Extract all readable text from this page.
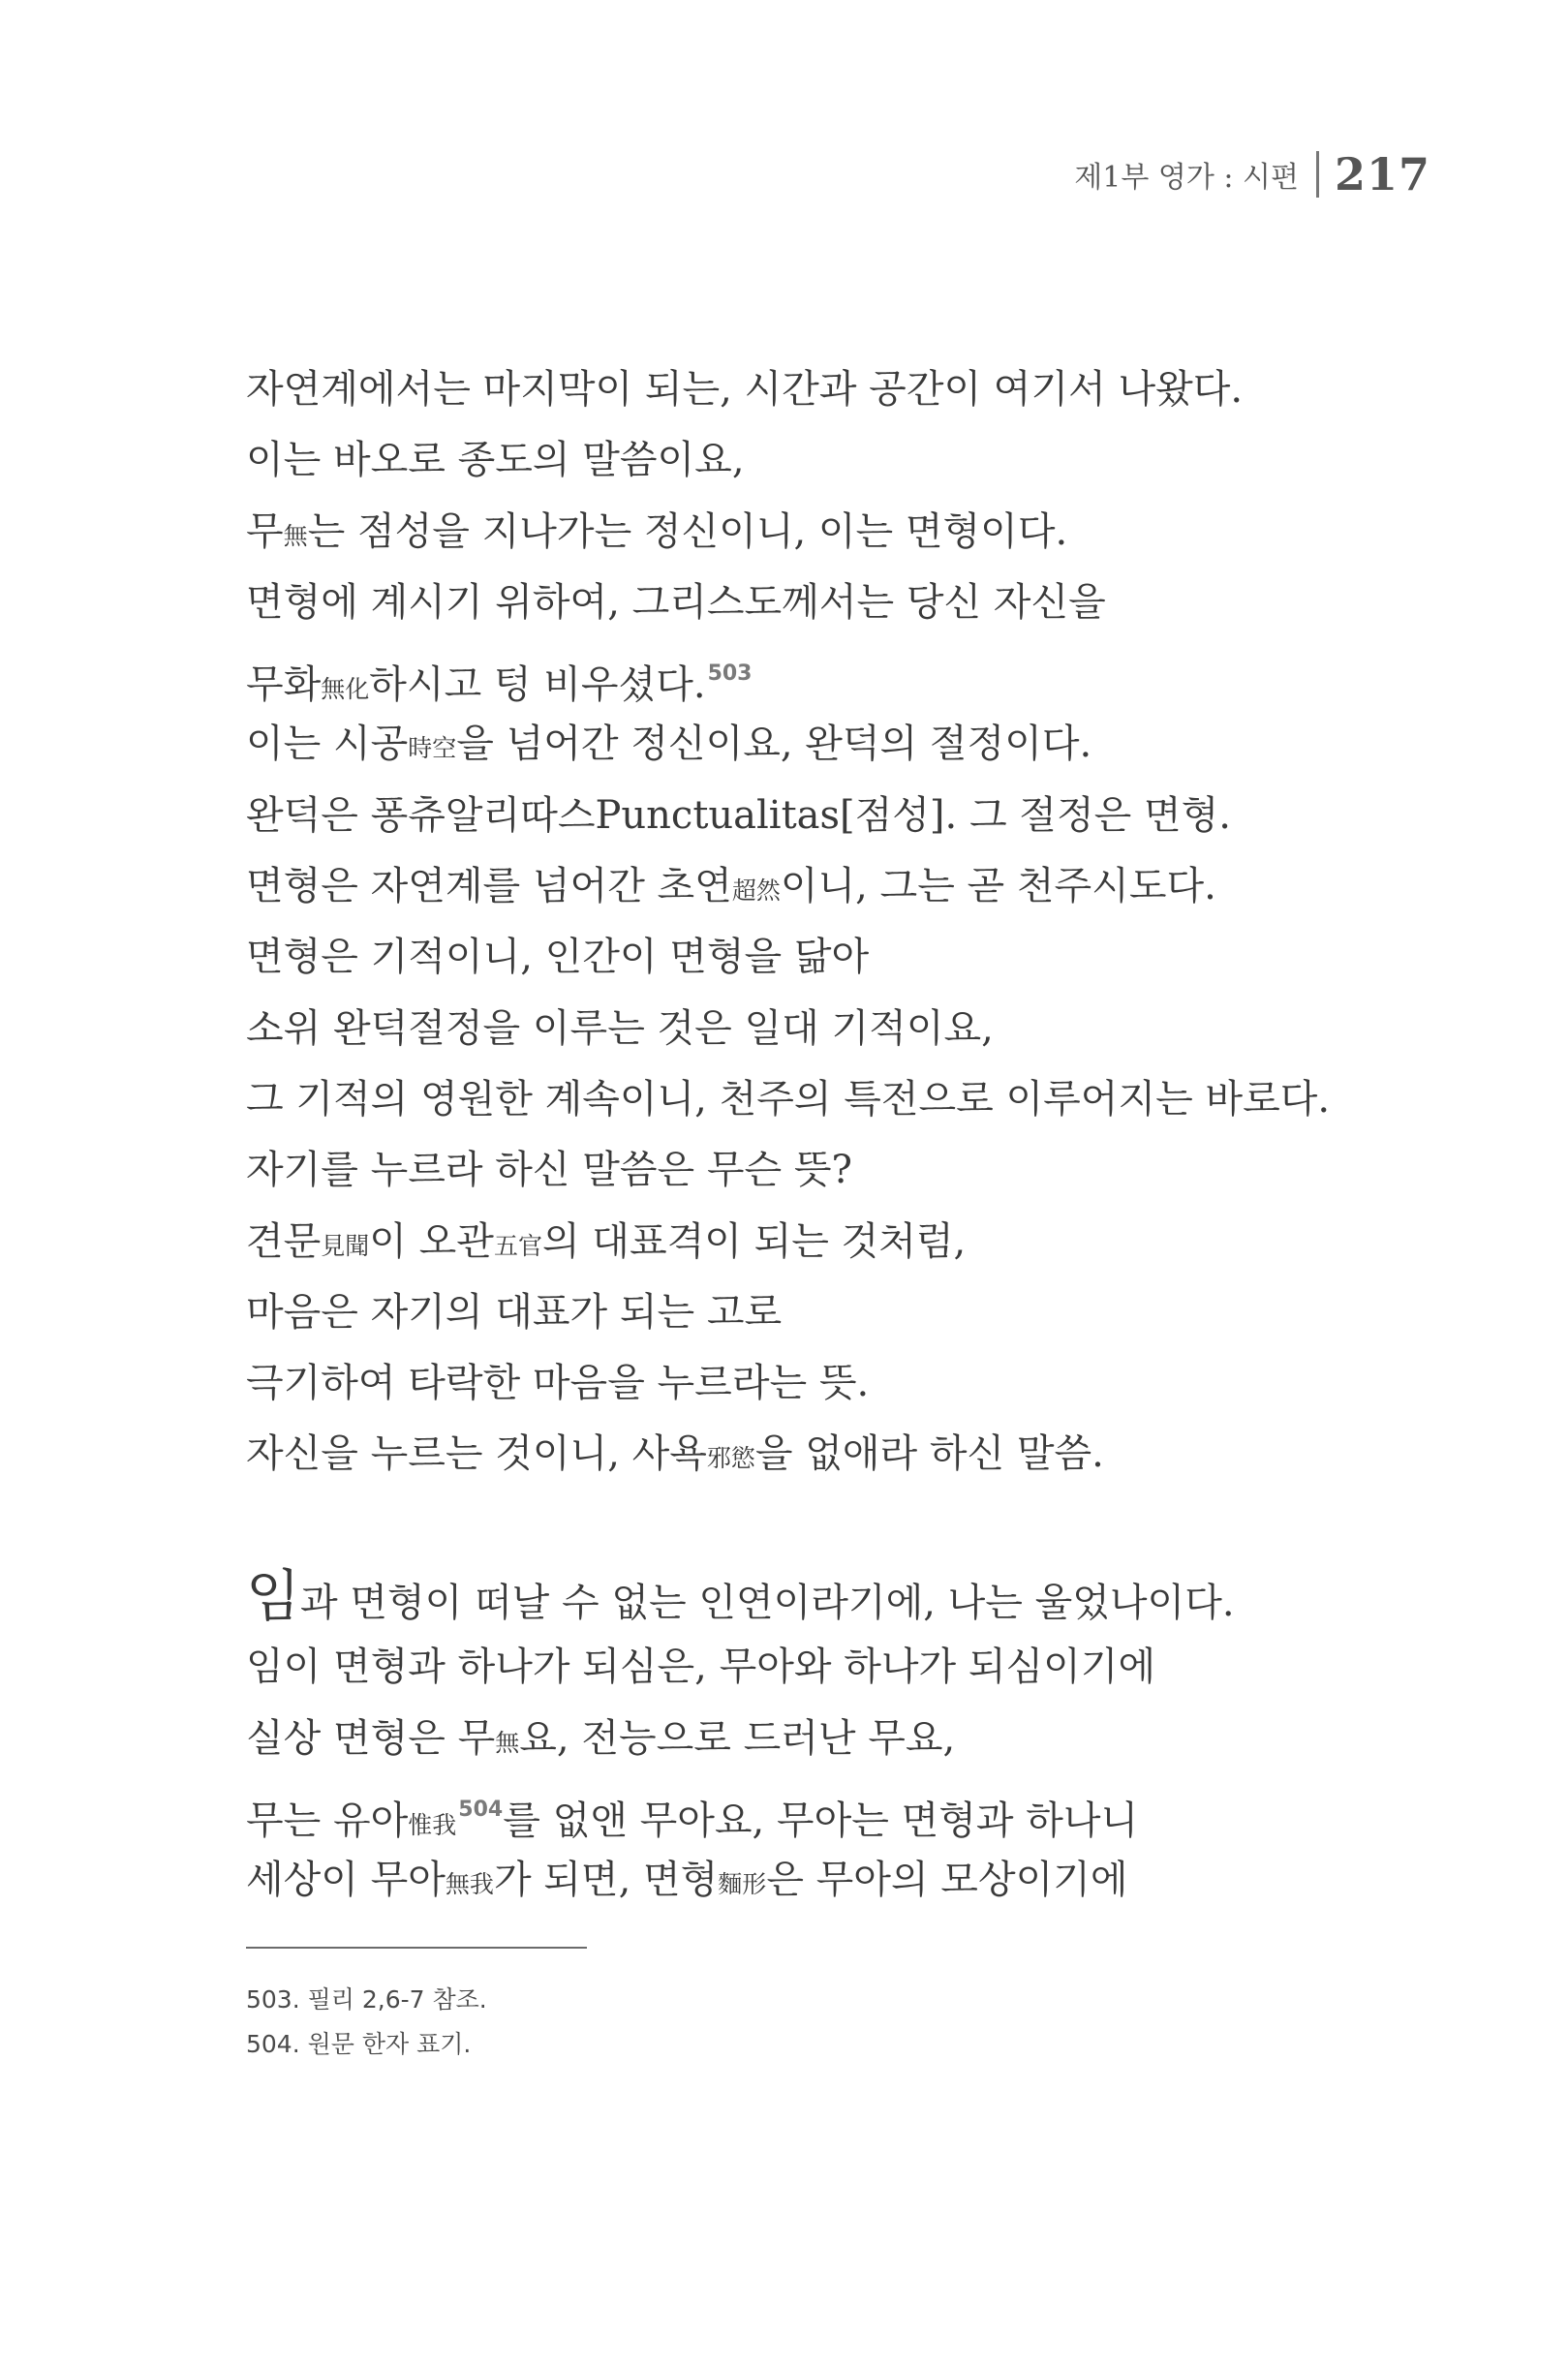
제1부 영가 : 시편 217
자연계에서는 마지막이 되는, 시간과 공간이 여기서 나왔다.
이는 바오로 종도의 말씀이요,
무無는 점성을 지나가는 정신이니, 이는 면형이다.
면형에 계시기 위하여, 그리스도께서는 당신 자신을
무화無化하시고 텅 비우셨다.$^{503}$
이는 시공時空을 넘어간 정신이요, 완덕의 절정이다.
완덕은 퐁츄알리따스Punctualitas[점성]. 그 절정은 면형.
면형은 자연계를 넘어간 초연超然이니, 그는 곧 천주시도다.
면형은 기적이니, 인간이 면형을 닮아
소위 완덕절정을 이루는 것은 일대 기적이요,
그 기적의 영원한 계속이니, 천주의 특전으로 이루어지는 바로다.
자기를 누르라 하신 말씀은 무슨 뜻?
견문見聞이 오관五官의 대표격이 되는 것처럼,
마음은 자기의 대표가 되는 고로
극기하여 타락한 마음을 누르라는 뜻.
자신을 누르는 것이니, 사욕邪慾을 없애라 하신 말씀.
임과 면형이 떠날 수 없는 인연이라기에, 나는 울었나이다.
임이 면형과 하나가 되심은, 무아와 하나가 되심이기에
실상 면형은 무無요, 전능으로 드러난 무요,
무는 유아惟我$^{504}$를 없앤 무아요, 무아는 면형과 하나니
세상이 무아無我가 되면, 면형麵形은 무아의 모상이기에
503. 필리 2,6-7 참조.
504. 원문 한자 표기.
